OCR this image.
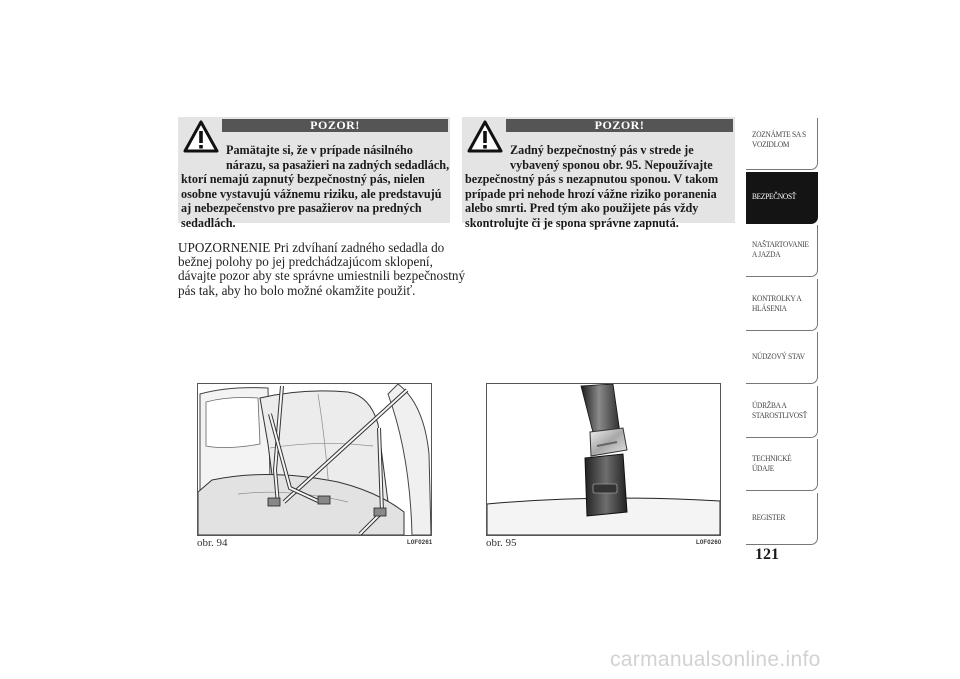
POZOR!
Pamätajte si, že v prípade násilného
nárazu, sa pasažieri na zadných sedadlách,
ktorí nemajú zapnutý bezpečnostný pás, nielen
osobne vystavujú vážnemu riziku, ale predstavujú
aj nebezpečenstvo pre pasažierov na predných
sedadlách.
POZOR!
Zadný bezpečnostný pás v strede je
vybavený sponou obr. 95. Nepoužívajte
bezpečnostný pás s nezapnutou sponou. V takom
prípade pri nehode hrozí vážne riziko poranenia
alebo smrti. Pred tým ako použijete pás vždy
skontrolujte či je spona správne zapnutá.
UPOZORNENIE Pri zdvíhaní zadného sedadla do
bežnej polohy po jej predchádzajúcom sklopení,
dávajte pozor aby ste správne umiestnili bezpečnostný
pás tak, aby ho bolo možné okamžite použiť.
obr. 94	L0F0261	obr. 95	L0F0260
ZOZNÁMTE SA S
VOZIDLOM
BEZPEČNOSŤ
NAŠTARTOVANIE
A JAZDA
KONTROLKY A
HLÁSENIA
NÚDZOVÝ STAV
ÚDRŽBA A
STAROSTLIVOSŤ
TECHNICKÉ
ÚDAJE
REGISTER
121
carmanualsonline.info
